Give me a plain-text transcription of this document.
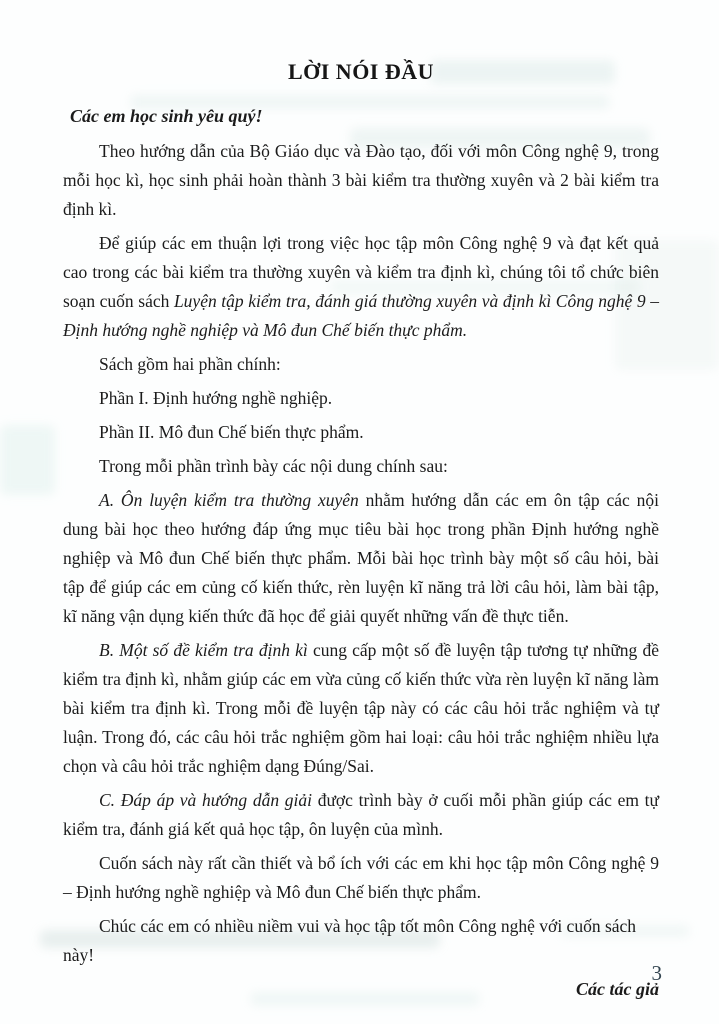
LỜI NÓI ĐẦU

Các em học sinh yêu quý!

Theo hướng dẫn của Bộ Giáo dục và Đào tạo, đối với môn Công nghệ 9, trong mỗi học kì, học sinh phải hoàn thành 3 bài kiểm tra thường xuyên và 2 bài kiểm tra định kì.

Để giúp các em thuận lợi trong việc học tập môn Công nghệ 9 và đạt kết quả cao trong các bài kiểm tra thường xuyên và kiểm tra định kì, chúng tôi tổ chức biên soạn cuốn sách Luyện tập kiểm tra, đánh giá thường xuyên và định kì Công nghệ 9 – Định hướng nghề nghiệp và Mô đun Chế biến thực phẩm.

Sách gồm hai phần chính:

Phần I. Định hướng nghề nghiệp.

Phần II. Mô đun Chế biến thực phẩm.

Trong mỗi phần trình bày các nội dung chính sau:

A. Ôn luyện kiểm tra thường xuyên nhằm hướng dẫn các em ôn tập các nội dung bài học theo hướng đáp ứng mục tiêu bài học trong phần Định hướng nghề nghiệp và Mô đun Chế biến thực phẩm. Mỗi bài học trình bày một số câu hỏi, bài tập để giúp các em củng cố kiến thức, rèn luyện kĩ năng trả lời câu hỏi, làm bài tập, kĩ năng vận dụng kiến thức đã học để giải quyết những vấn đề thực tiễn.

B. Một số đề kiểm tra định kì cung cấp một số đề luyện tập tương tự những đề kiểm tra định kì, nhằm giúp các em vừa củng cố kiến thức vừa rèn luyện kĩ năng làm bài kiểm tra định kì. Trong mỗi đề luyện tập này có các câu hỏi trắc nghiệm và tự luận. Trong đó, các câu hỏi trắc nghiệm gồm hai loại: câu hỏi trắc nghiệm nhiều lựa chọn và câu hỏi trắc nghiệm dạng Đúng/Sai.

C. Đáp áp và hướng dẫn giải được trình bày ở cuối mỗi phần giúp các em tự kiểm tra, đánh giá kết quả học tập, ôn luyện của mình.

Cuốn sách này rất cần thiết và bổ ích với các em khi học tập môn Công nghệ 9 – Định hướng nghề nghiệp và Mô đun Chế biến thực phẩm.

Chúc các em có nhiều niềm vui và học tập tốt môn Công nghệ với cuốn sách này!

Các tác giả

3
